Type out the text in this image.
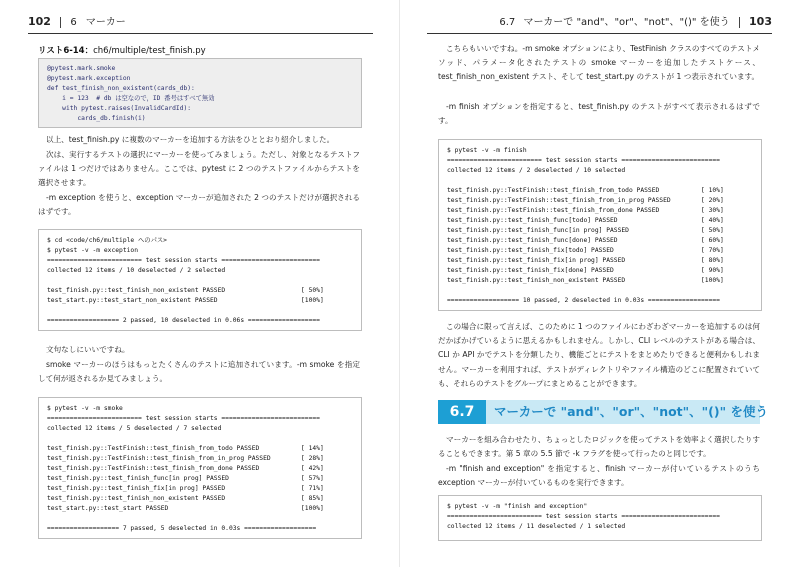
102 6 マーカー
リスト6-14：ch6/multiple/test_finish.py
@pytest.mark.smoke
@pytest.mark.exception
def test_finish_non_existent(cards_db):
i = 123  # db は空なので，ID 番号はすべて無効
with pytest.raises(InvalidCardId):
cards_db.finish(i)
以上、test_finish.py に複数のマーカーを追加する方法をひととおり紹介しました。
次は、実行するテストの選択にマーカーを使ってみましょう。ただし、対象となるテストファイルは 1 つだけではありません。ここでは、pytest に 2 つのテストファイルからテストを選択させます。
-m exception を使うと、exception マーカーが追加された 2 つのテストだけが選択されるはずです。
$ cd <code/ch6/multiple へのパス>
$ pytest -v -m exception
========================= test session starts ==========================
collected 12 items / 10 deselected / 2 selected

test_finish.py::test_finish_non_existent PASSED                    [ 50%]
test_start.py::test_start_non_existent PASSED                      [100%]

=================== 2 passed, 10 deselected in 0.06s ===================
文句なしにいいですね。
smoke マーカーのほうはもっとたくさんのテストに追加されています。-m smoke を指定して何が返されるか見てみましょう。
$ pytest -v -m smoke
========================= test session starts ==========================
collected 12 items / 5 deselected / 7 selected

test_finish.py::TestFinish::test_finish_from_todo PASSED           [ 14%]
test_finish.py::TestFinish::test_finish_from_in_prog PASSED        [ 28%]
test_finish.py::TestFinish::test_finish_from_done PASSED           [ 42%]
test_finish.py::test_finish_func[in prog] PASSED                   [ 57%]
test_finish.py::test_finish_fix[in prog] PASSED                    [ 71%]
test_finish.py::test_finish_non_existent PASSED                    [ 85%]
test_start.py::test_start PASSED                                   [100%]

=================== 7 passed, 5 deselected in 0.03s ===================
6.7 マーカーで "and"、"or"、"not"、"()" を使う 103
こちらもいいですね。-m smoke オプションにより、TestFinish クラスのすべてのテストメソッド、パラメータ化されたテストの smoke マーカーを追加したテストケース、test_finish_non_existent テスト、そして test_start.py のテストが 1 つ表示されています。
-m finish オプションを指定すると、test_finish.py のテストがすべて表示されるはずです。
$ pytest -v -m finish
========================= test session starts ==========================
collected 12 items / 2 deselected / 10 selected

test_finish.py::TestFinish::test_finish_from_todo PASSED           [ 10%]
test_finish.py::TestFinish::test_finish_from_in_prog PASSED        [ 20%]
test_finish.py::TestFinish::test_finish_from_done PASSED           [ 30%]
test_finish.py::test_finish_func[todo] PASSED                      [ 40%]
test_finish.py::test_finish_func[in prog] PASSED                   [ 50%]
test_finish.py::test_finish_func[done] PASSED                      [ 60%]
test_finish.py::test_finish_fix[todo] PASSED                       [ 70%]
test_finish.py::test_finish_fix[in prog] PASSED                    [ 80%]
test_finish.py::test_finish_fix[done] PASSED                       [ 90%]
test_finish.py::test_finish_non_existent PASSED                    [100%]

=================== 10 passed, 2 deselected in 0.03s ===================
この場合に限って言えば、このために 1 つのファイルにわざわざマーカーを追加するのは何だかばかげているように思えるかもしれません。しかし、CLI レベルのテストがある場合は、CLI か API かでテストを分類したり、機能ごとにテストをまとめたりできると便利かもしれません。マーカーを利用すれば、テストがディレクトリやファイル構造のどこに配置されていても、それらのテストをグループにまとめることができます。
6.7	マーカーで "and"、"or"、"not"、"()" を使う
マーカーを組み合わせたり、ちょっとしたロジックを使ってテストを効率よく選択したりすることもできます。第 5 章の 5.5 節で -k フラグを使って行ったのと同じです。
-m "finish and exception" を指定すると、finish マーカーが付いているテストのうち exception マーカーが付いているものを実行できます。
$ pytest -v -m "finish and exception"
========================= test session starts ==========================
collected 12 items / 11 deselected / 1 selected
